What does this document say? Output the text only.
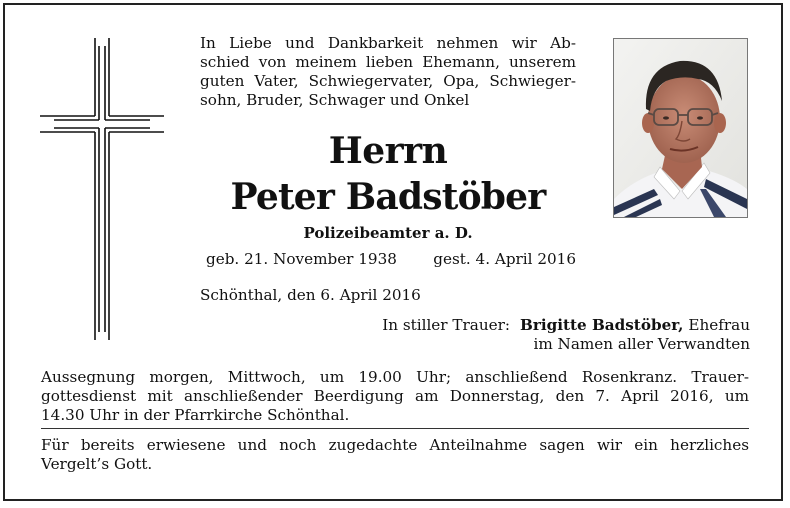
In Liebe und Dankbarkeit nehmen wir Ab-
schied von meinem lieben Ehemann, unserem
guten Vater, Schwiegervater, Opa, Schwieger-
sohn, Bruder, Schwager und Onkel
Herrn
Peter Badstöber
Polizeibeamter a. D.
geb. 21. November 1938 gest. 4. April 2016
Schönthal, den 6. April 2016
In stiller Trauer: Brigitte Badstöber, Ehefrau
im Namen aller Verwandten
Aussegnung morgen, Mittwoch, um 19.00 Uhr; anschließend Rosenkranz. Trauer-
gottesdienst mit anschließender Beerdigung am Donnerstag, den 7. April 2016, um
14.30 Uhr in der Pfarrkirche Schönthal.
Für bereits erwiesene und noch zugedachte Anteilnahme sagen wir ein herzliches
Vergelt’s Gott.
